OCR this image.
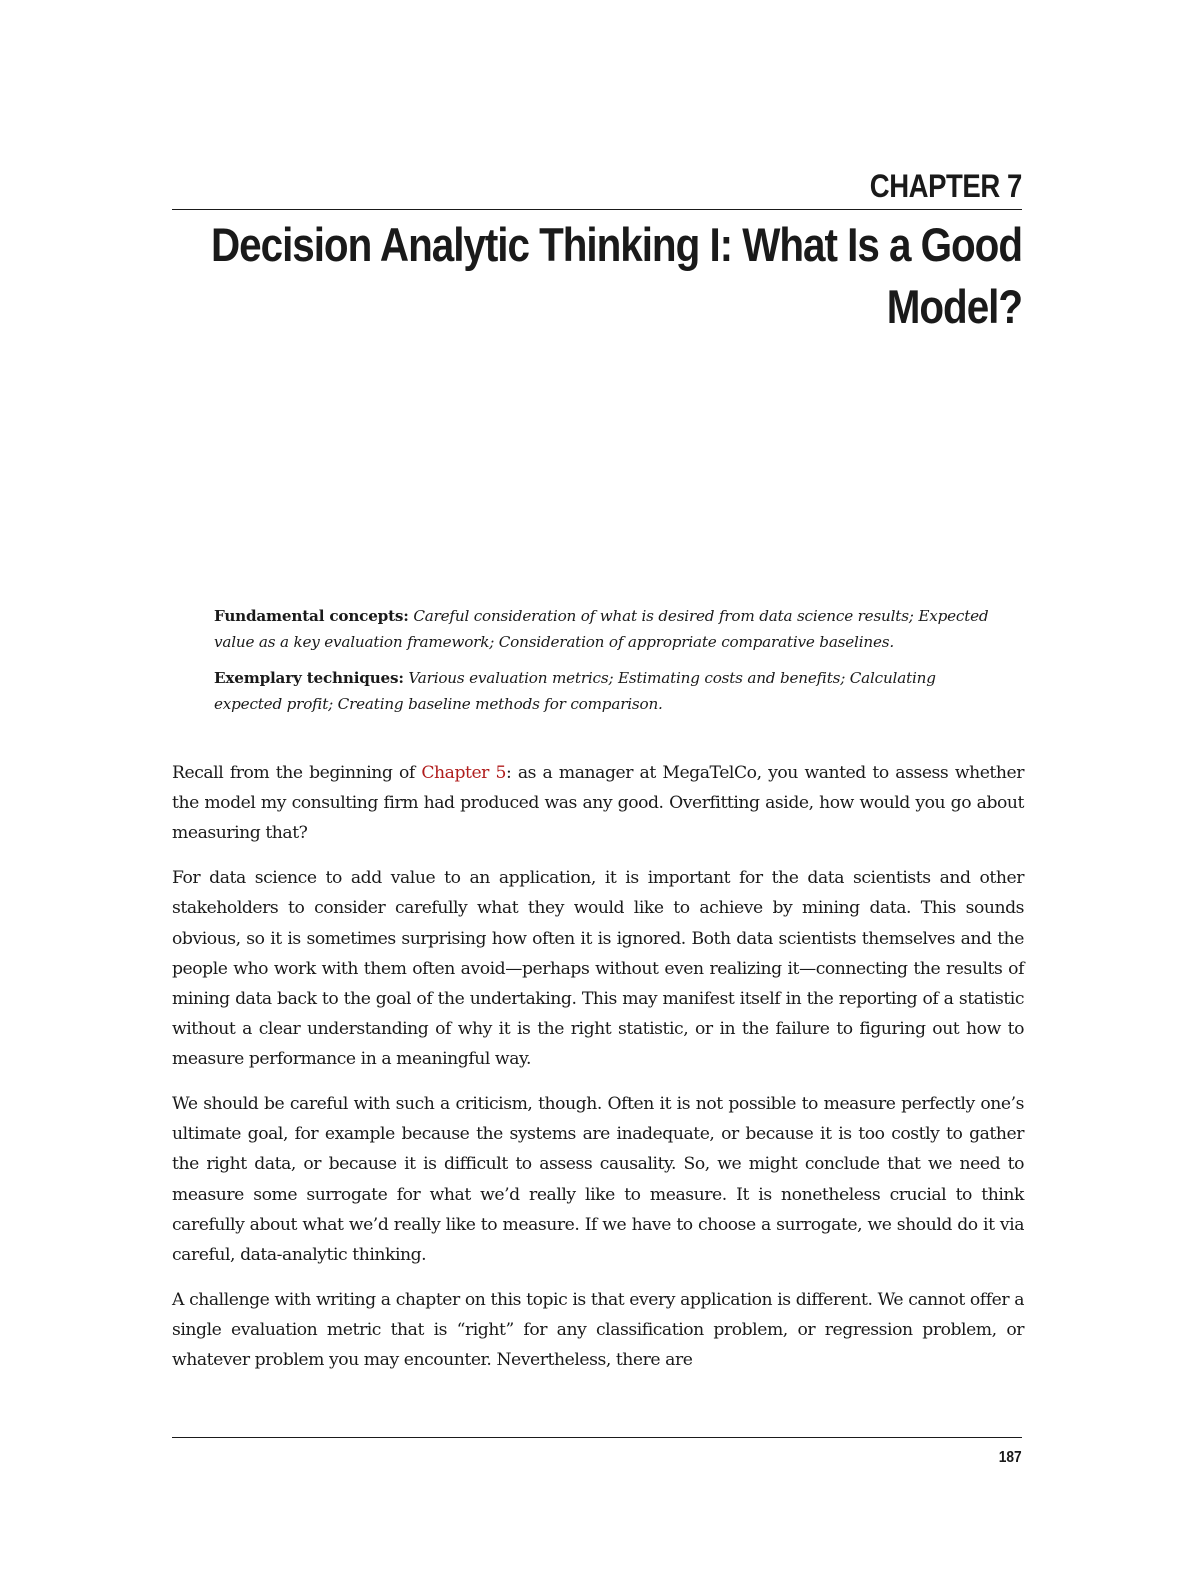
CHAPTER 7
Decision Analytic Thinking I: What Is a Good
Model?

Fundamental concepts: Careful consideration of what is desired from data science results; Expected value as a key evaluation framework; Consideration of appropriate comparative baselines.

Exemplary techniques: Various evaluation metrics; Estimating costs and benefits; Calculating expected profit; Creating baseline methods for comparison.

Recall from the beginning of Chapter 5: as a manager at MegaTelCo, you wanted to assess whether the model my consulting firm had produced was any good. Overfitting aside, how would you go about measuring that?

For data science to add value to an application, it is important for the data scientists and other stakeholders to consider carefully what they would like to achieve by mining data. This sounds obvious, so it is sometimes surprising how often it is ignored. Both data scientists themselves and the people who work with them often avoid—perhaps without even realizing it—connecting the results of mining data back to the goal of the undertaking. This may manifest itself in the reporting of a statistic without a clear understanding of why it is the right statistic, or in the failure to figuring out how to measure performance in a meaningful way.

We should be careful with such a criticism, though. Often it is not possible to measure perfectly one’s ultimate goal, for example because the systems are inadequate, or because it is too costly to gather the right data, or because it is difficult to assess causality. So, we might conclude that we need to measure some surrogate for what we’d really like to measure. It is nonetheless crucial to think carefully about what we’d really like to measure. If we have to choose a surrogate, we should do it via careful, data-analytic thinking.

A challenge with writing a chapter on this topic is that every application is different. We cannot offer a single evaluation metric that is “right” for any classification problem, or regression problem, or whatever problem you may encounter. Nevertheless, there are

187
